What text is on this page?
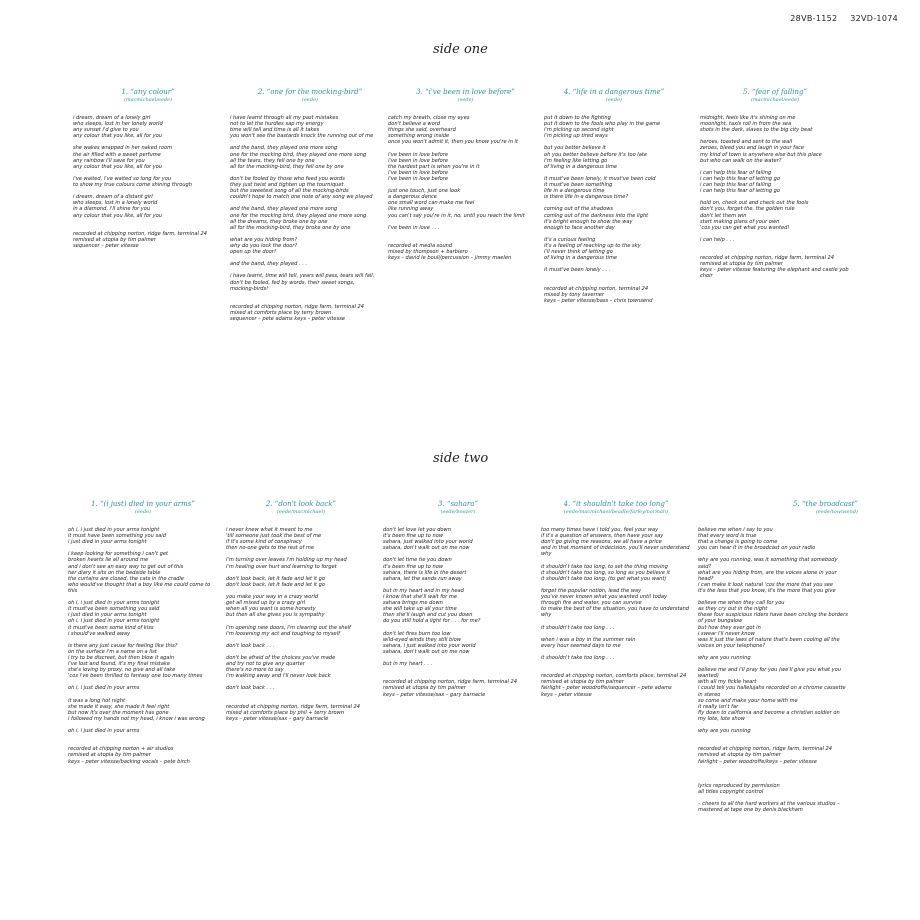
28VB-1152 32VD-1074
side one
1. “any colour”
(macmichael/eede)
i dream, dream of a lonely girl
who sleeps, lost in her lonely world
any sunset i'd give to you
any colour that you like, all for you

she wakes wrapped in her naked room
the air filled with a sweet perfume
any rainbow i'll save for you
any colour that you like, all for you

i've waited, i've waited so long for you
to show my true colours come shining through

i dream, dream of a distant girl
who sleeps, lost in a lonely world
in a diamond, i'll shine for you
any colour that you like, all for you

recorded at chipping norton, ridge farm, terminal 24
remixed at utopia by tim palmer
sequencer – peter vitesse
2. “one for the mocking-bird”
(eede)
i have learnt through all my past mistakes
not to let the hurdles sap my energy
time will tell and time is all it takes
you won't see the bastards knock the running out of me

and the band, they played one more song
one for the mocking bird, they played one more song
all the tears, they fell one by one
all for the mocking-bird, they fell one by one

don't be fooled by those who feed you words
they just twist and tighten up the tourniquet
but the sweetest song of all the mocking-birds
couldn't hope to match one note of any song we played

and the band, they played one more song
one for the mocking bird, they played one more song
all the dreams, they broke one by one
all for the mocking-bird, they broke one by one

what are you hiding from?
why do you lock the door?
open up the door!

and the band, they played . . .

i have learnt, time will tell, years will pass, tears will fall,
don't be fooled, fed by words, their sweet songs,
mocking-birds!

recorded at chipping norton, ridge farm, terminal 24
mixed at comforts place by terry brown
sequencer – pete adams keys – peter vitesse
3. “i've been in love before”
(eede)
catch my breath, close my eyes
don't believe a word
things she said, overheard
something wrong inside
once you won't admit it, then you know you're in it

i've been in love before
i've been in love before
the hardest part is when you're in it
i've been in love before
i've been in love before

just one touch, just one look
a dangerous dance
one small word can make me feel
like running away
you can't say you're in it, no, until you reach the limit

i've been in love . . .

recorded at media sound
mixed by thompson + barbiero
keys – david le bouli/percussion – jimmy maelen
4. “life in a dangerous time”
(eede)
put it down to the fighting
put it down to the fools who play in the game
i'm picking up second sight
i'm picking up tired ways

but you better believe it
oh you better believe before it's too late
i'm feeling like letting go
of living in a dangerous time

it must've been lonely, it must've been cold
it must've been something
life in a dangerous time
is there life in a dangerous time?

coming out of the shadows
coming out of the darkness into the light
it's bright enough to show the way
enough to face another day

it's a curious feeling
it's a feeling of reaching up to the sky
i'll never think of letting go
of living in a dangerous time

it must've been lonely . . .

recorded at chipping norton, terminal 24
mixed by tony taverner
keys – peter vitesse/bass – chris townsend
5. “fear of falling”
(macmichael/eede)
midnight, feels like it's shining on me
moonlight, taxis roll in from the sea
shots in the dark, slaves to the big city beat

heroes, toasted and sent to the wall
zeroes, bleed you and laugh in your face
my kind of town is anywhere else but this place
but who can walk on the water?

i can help this fear of falling
i can help this fear of letting go
i can help this fear of falling
i can help this fear of letting go

hold on, check out and check out the fools
don't you, forget the, the golden rule
don't let them win
start making plans of your own
'cos you can get what you wanted!

i can help . . .

recorded at chipping norton, ridge farm, terminal 24
remixed at utopia by tim palmer
keys – peter vitesse featuring the elephant and castle yob choir
side two
1. “(i just) died in your arms”
(eede)
oh i, i just died in your arms tonight
it must have been something you said
i just died in your arms tonight

i keep looking for something i can't get
broken hearts lie all around me
and i don't see an easy way to get out of this
her diary it sits on the bedside table
the curtains are closed, the cats in the cradle
who would've thought that a boy like me could come to
this

oh i, i just died in your arms tonight
it must've been something you said
i just died in your arms tonight
oh i, i just died in your arms tonight
it must've been some kind of kiss
i should've walked away

is there any just cause for feeling like this?
on the surface i'm a name on a list
i try to be discreet, but then blow it again
i've lost and found, it's my final mistake
she's loving by proxy, no give and all take
'cos i've been thrilled to fantasy one too many times

oh i, i just died in your arms

it was a long hot night
she made it easy, she made it feel right
but now it's over the moment has gone
i followed my hands not my head, i know i was wrong

oh i, i just died in your arms

recorded at chipping norton + air studios
remixed at utopia by tim palmer
keys – peter vitesse/backing vocals – pete birch
2. “don't look back”
(eede/macmichael)
i never knew what it meant to me
'till someone just took the best of me
if it's some kind of conspiracy
then no-one gets to the rest of me

i'm turning over leaves i'm holding up my head
i'm healing over hurt and learning to forget

don't look back, let it fade and let it go
don't look back, let it fade and let it go

you make your way in a crazy world
get all mixed up by a crazy girl
when all you want is some honesty
but then all she gives you is sympathy

i'm opening new doors, i'm clearing out the shelf
i'm loosening my act and toughing to myself

don't look back . . .

don't be afraid of the choices you've made
and try not to give any quarter
there's no more to say
i'm walking away and i'll never look back

don't look back . . .

recorded at chipping norton, ridge farm, terminal 24
mixed at comforts place by phil + terry brown
keys – peter vitesse/sax – gary barnacle
3. “sahara”
(eede/boozer)
don't let love let you down
it's been fine up to now
sahara, just walked into your world
sahara, don't walk out on me now

don't let time tie you down
it's been fine up to now
sahara, there is life in the desert
sahara, let the sands run away

but in my heart and in my head
i know that she'll wait for me
sahara brings me down
she will take up all your time
then she'll laugh and cut you down
do you still hold a light for . . . for me?

don't let fires burn too low
wild-eyed winds they still blow
sahara, i just walked into your world
sahara, don't walk out on me now

but in my heart . . .

recorded at chipping norton, ridge farm, terminal 24
remixed at utopia by tim palmer
keys – peter vitesse/sax – gary barnacle
4. “it shouldn't take too long”
(eede/macmichael/beadle/farley/norman)
too many times have i told you, feel your way
if it's a question of answers, then have your say
don't go giving me reasons, we all have a price
and in that moment of indecision, you'll never understand
why

it shouldn't take too long, to set the thing moving
it shouldn't take too long, so long as you believe it
it shouldn't take too long, (to get what you want)

forget the popular notion, lead the way
you've never known what you wanted until today
through fire and water, you can survive
to make the best of the situation, you have to understand
why

it shouldn't take too long . . .

when i was a boy in the summer rain
every hour seemed days to me

it shouldn't take too long . . .

recorded at chipping norton, comforts place, terminal 24
remixed at utopia by tim palmer
fairlight – peter woodroffe/sequencer – pete adams
keys – peter vitesse
5. “the broadcast”
(eede/townsend)
believe me when i say to you
that every word is true
that a change is going to come
you can hear it in the broadcast on your radio

why are you running, was it something that somebody
said?
what are you hiding from, are the voices alone in your
head?
i can make it look natural 'cos the more that you see
it's the less that you know, it's the more that you give

believe me when they call for you
as they cry out in the night
these four suspicious riders have been circling the borders
of your bungalow
but how they ever got in
i swear i'll never know
was it just the laws of nature that's been cooling all the
voices on your telephone?

why are you running

believe me and i'll pray for you (we'll give you what you
wanted)
with all my fickle heart
i could tell you hallelujahs recorded on a chrome cassette
in stereo
so come and make your home with me
it really isn't far
fly down to california and become a christian soldier on
my lote, lote show

why are you running

recorded at chipping norton, ridge farm, terminal 24
remixed at utopia by tim palmer
fairlight – peter woodroffe/keys – peter vitesse

lyrics reproduced by permission
all titles copyright control

– cheers to all the hard workers at the various studios –
mastered at tape one by denis blackham
